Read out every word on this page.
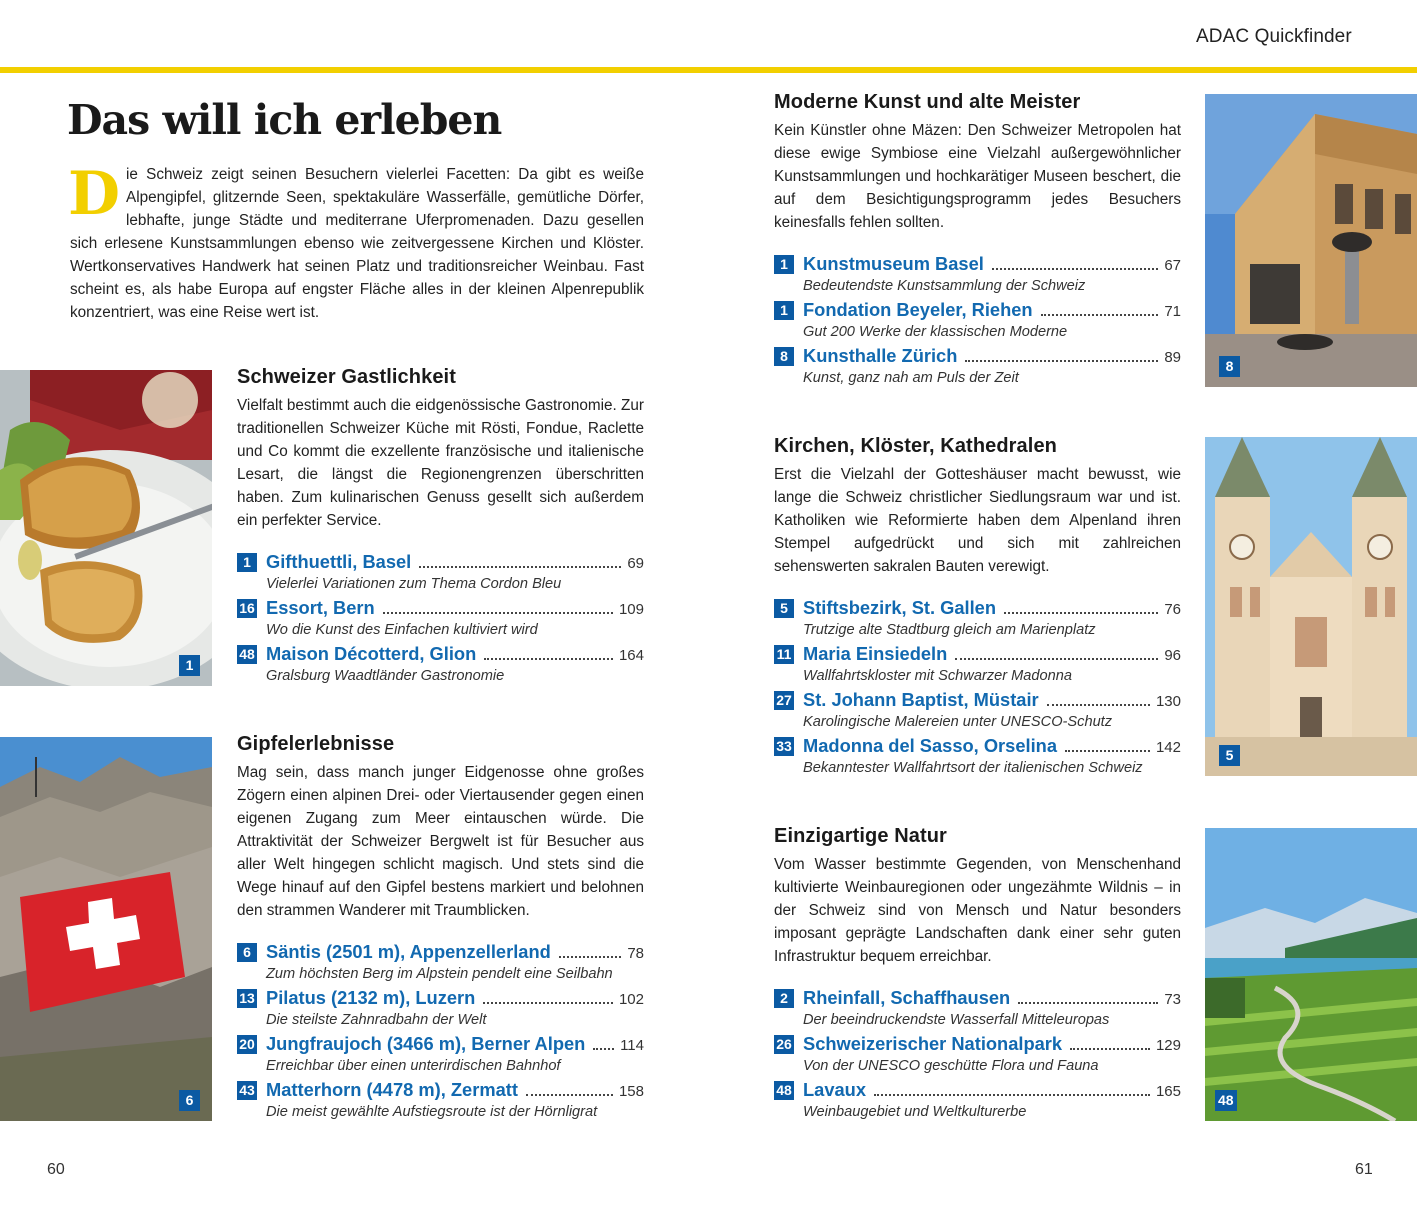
ADAC Quickfinder
Das will ich erleben
Die Schweiz zeigt seinen Besuchern vielerlei Facetten: Da gibt es weiße Alpengipfel, glitzernde Seen, spektakuläre Wasserfälle, gemütliche Dörfer, lebhafte, junge Städte und mediterrane Uferpromenaden. Dazu gesellen sich erlesene Kunstsammlungen ebenso wie zeitvergessene Kirchen und Klöster. Wertkonservatives Handwerk hat seinen Platz und traditionsreicher Weinbau. Fast scheint es, als habe Europa auf engster Fläche alles in der kleinen Alpenrepublik konzentriert, was eine Reise wert ist.
1
6
8
5
48
Schweizer Gastlichkeit

Vielfalt bestimmt auch die eidgenössische Gastronomie. Zur traditionellen Schweizer Küche mit Rösti, Fondue, Raclette und Co kommt die exzellente französische und italienische Lesart, die längst die Regionengrenzen überschritten haben. Zum kulinarischen Genuss gesellt sich außerdem ein perfekter Service.

1 Gifthuettli, Basel	69
Vielerlei Variationen zum Thema Cordon Bleu
16 Essort, Bern	109
Wo die Kunst des Einfachen kultiviert wird
48 Maison Décotterd, Glion	164
Gralsburg Waadtländer Gastronomie
Gipfelerlebnisse

Mag sein, dass manch junger Eidgenosse ohne großes Zögern einen alpinen Drei- oder Viertausender gegen einen eigenen Zugang zum Meer eintauschen würde. Die Attraktivität der Schweizer Bergwelt ist für Besucher aus aller Welt hingegen schlicht magisch. Und stets sind die Wege hinauf auf den Gipfel bestens markiert und belohnen den strammen Wanderer mit Traumblicken.

6 Säntis (2501 m), Appenzellerland	78
Zum höchsten Berg im Alpstein pendelt eine Seilbahn
13 Pilatus (2132 m), Luzern	102
Die steilste Zahnradbahn der Welt
20 Jungfraujoch (3466 m), Berner Alpen 114
Erreichbar über einen unterirdischen Bahnhof
43 Matterhorn (4478 m), Zermatt	158
Die meist gewählte Aufstiegsroute ist der Hörnligrat
Moderne Kunst und alte Meister

Kein Künstler ohne Mäzen: Den Schweizer Metropolen hat diese ewige Symbiose eine Vielzahl außergewöhnlicher Kunstsammlungen und hochkarätiger Museen beschert, die auf dem Besichtigungsprogramm jedes Besuchers keinesfalls fehlen sollten.

1 Kunstmuseum Basel	67
Bedeutendste Kunstsammlung der Schweiz
1 Fondation Beyeler, Riehen	71
Gut 200 Werke der klassischen Moderne
8 Kunsthalle Zürich	89
Kunst, ganz nah am Puls der Zeit
Kirchen, Klöster, Kathedralen

Erst die Vielzahl der Gotteshäuser macht bewusst, wie lange die Schweiz christlicher Siedlungsraum war und ist. Katholiken wie Reformierte haben dem Alpenland ihren Stempel aufgedrückt und sich mit zahlreichen sehenswerten sakralen Bauten verewigt.

5 Stiftsbezirk, St. Gallen	76
Trutzige alte Stadtburg gleich am Marienplatz
11 Maria Einsiedeln	96
Wallfahrtskloster mit Schwarzer Madonna
27 St. Johann Baptist, Müstair	130
Karolingische Malereien unter UNESCO-Schutz
33 Madonna del Sasso, Orselina	142
Bekanntester Wallfahrtsort der italienischen Schweiz
Einzigartige Natur

Vom Wasser bestimmte Gegenden, von Menschenhand kultivierte Weinbauregionen oder ungezähmte Wildnis – in der Schweiz sind von Mensch und Natur besonders imposant geprägte Landschaften dank einer sehr guten Infrastruktur bequem erreichbar.

2 Rheinfall, Schaffhausen	73
Der beeindruckendste Wasserfall Mitteleuropas
26 Schweizerischer Nationalpark	129
Von der UNESCO geschütte Flora und Fauna
48 Lavaux	165
Weinbaugebiet und Weltkulturerbe
60	61
